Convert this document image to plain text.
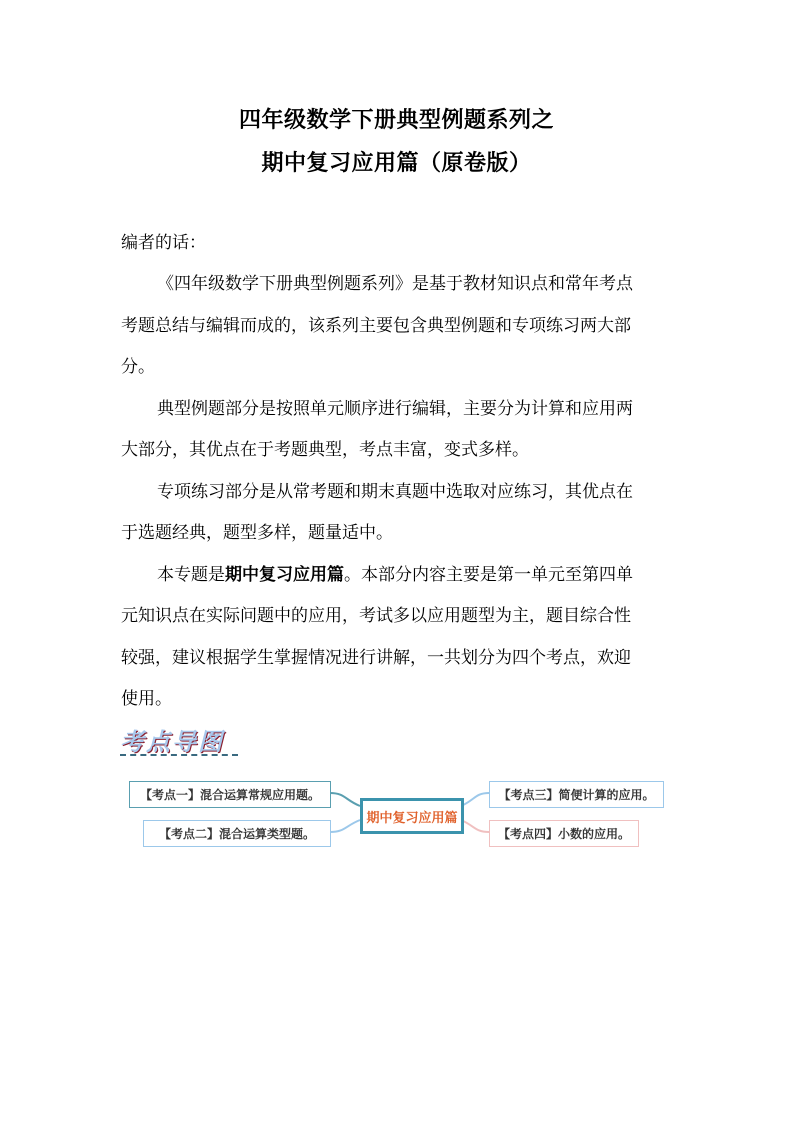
四年级数学下册典型例题系列之
期中复习应用篇（原卷版）
编者的话：
《四年级数学下册典型例题系列》是基于教材知识点和常年考点
考题总结与编辑而成的，该系列主要包含典型例题和专项练习两大部
分。
典型例题部分是按照单元顺序进行编辑，主要分为计算和应用两
大部分，其优点在于考题典型，考点丰富，变式多样。
专项练习部分是从常考题和期末真题中选取对应练习，其优点在
于选题经典，题型多样，题量适中。
本专题是期中复习应用篇。本部分内容主要是第一单元至第四单
元知识点在实际问题中的应用，考试多以应用题型为主，题目综合性
较强，建议根据学生掌握情况进行讲解，一共划分为四个考点，欢迎
使用。
考点导图
【考点一】混合运算常规应用题。
【考点二】混合运算类型题。
期中复习应用篇
【考点三】简便计算的应用。
【考点四】小数的应用。
